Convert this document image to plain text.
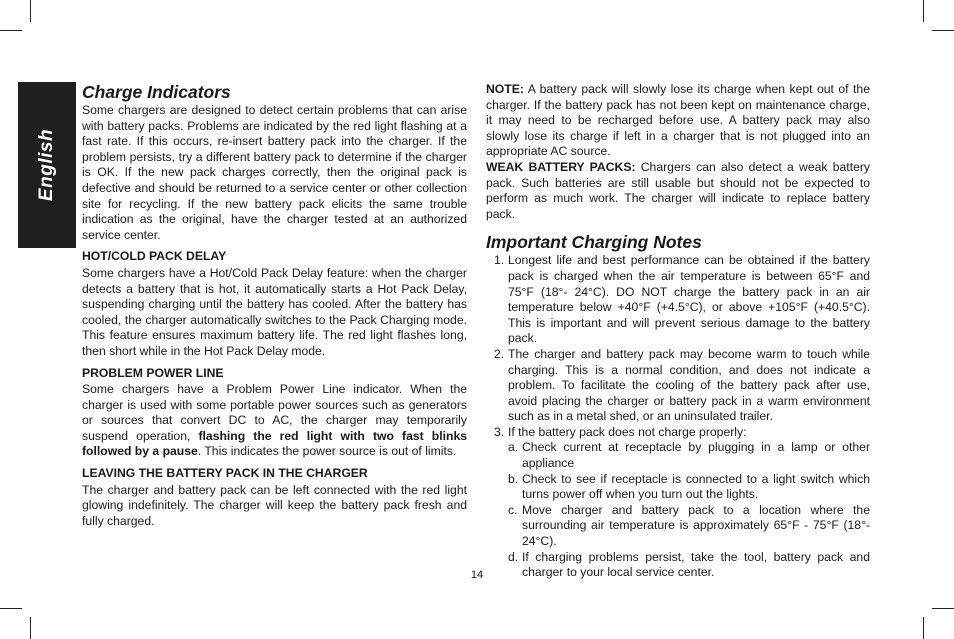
English
Charge Indicators

Some chargers are designed to detect certain problems that can arise with battery packs. Problems are indicated by the red light flashing at a fast rate. If this occurs, re-insert battery pack into the charger. If the problem persists, try a different battery pack to determine if the charger is OK. If the new pack charges correctly, then the original pack is defective and should be returned to a service center or other collection site for recycling. If the new battery pack elicits the same trouble indication as the original, have the charger tested at an authorized service center.

HOT/COLD PACK DELAY

Some chargers have a Hot/Cold Pack Delay feature: when the charger detects a battery that is hot, it automatically starts a Hot Pack Delay, suspending charging until the battery has cooled. After the battery has cooled, the charger automatically switches to the Pack Charging mode. This feature ensures maximum battery life. The red light flashes long, then short while in the Hot Pack Delay mode.

PROBLEM POWER LINE

Some chargers have a Problem Power Line indicator. When the charger is used with some portable power sources such as generators or sources that convert DC to AC, the charger may temporarily suspend operation, flashing the red light with two fast blinks followed by a pause. This indicates the power source is out of limits.

LEAVING THE BATTERY PACK IN THE CHARGER

The charger and battery pack can be left connected with the red light glowing indefinitely. The charger will keep the battery pack fresh and fully charged.

NOTE: A battery pack will slowly lose its charge when kept out of the charger. If the battery pack has not been kept on maintenance charge, it may need to be recharged before use. A battery pack may also slowly lose its charge if left in a charger that is not plugged into an appropriate AC source.

WEAK BATTERY PACKS: Chargers can also detect a weak battery pack. Such batteries are still usable but should not be expected to perform as much work. The charger will indicate to replace battery pack.

Important Charging Notes
1. Longest life and best performance can be obtained if the battery pack is charged when the air temperature is between 65°F and 75°F (18°- 24°C). DO NOT charge the battery pack in an air temperature below +40°F (+4.5°C), or above +105°F (+40.5°C). This is important and will prevent serious damage to the battery pack.
2. The charger and battery pack may become warm to touch while charging. This is a normal condition, and does not indicate a problem. To facilitate the cooling of the battery pack after use, avoid placing the charger or battery pack in a warm environment such as in a metal shed, or an uninsulated trailer.
3. If the battery pack does not charge properly:
a. Check current at receptacle by plugging in a lamp or other appliance
b. Check to see if receptacle is connected to a light switch which turns power off when you turn out the lights.
c. Move charger and battery pack to a location where the surrounding air temperature is approximately 65°F - 75°F (18°- 24°C).
d. If charging problems persist, take the tool, battery pack and charger to your local service center.
14
